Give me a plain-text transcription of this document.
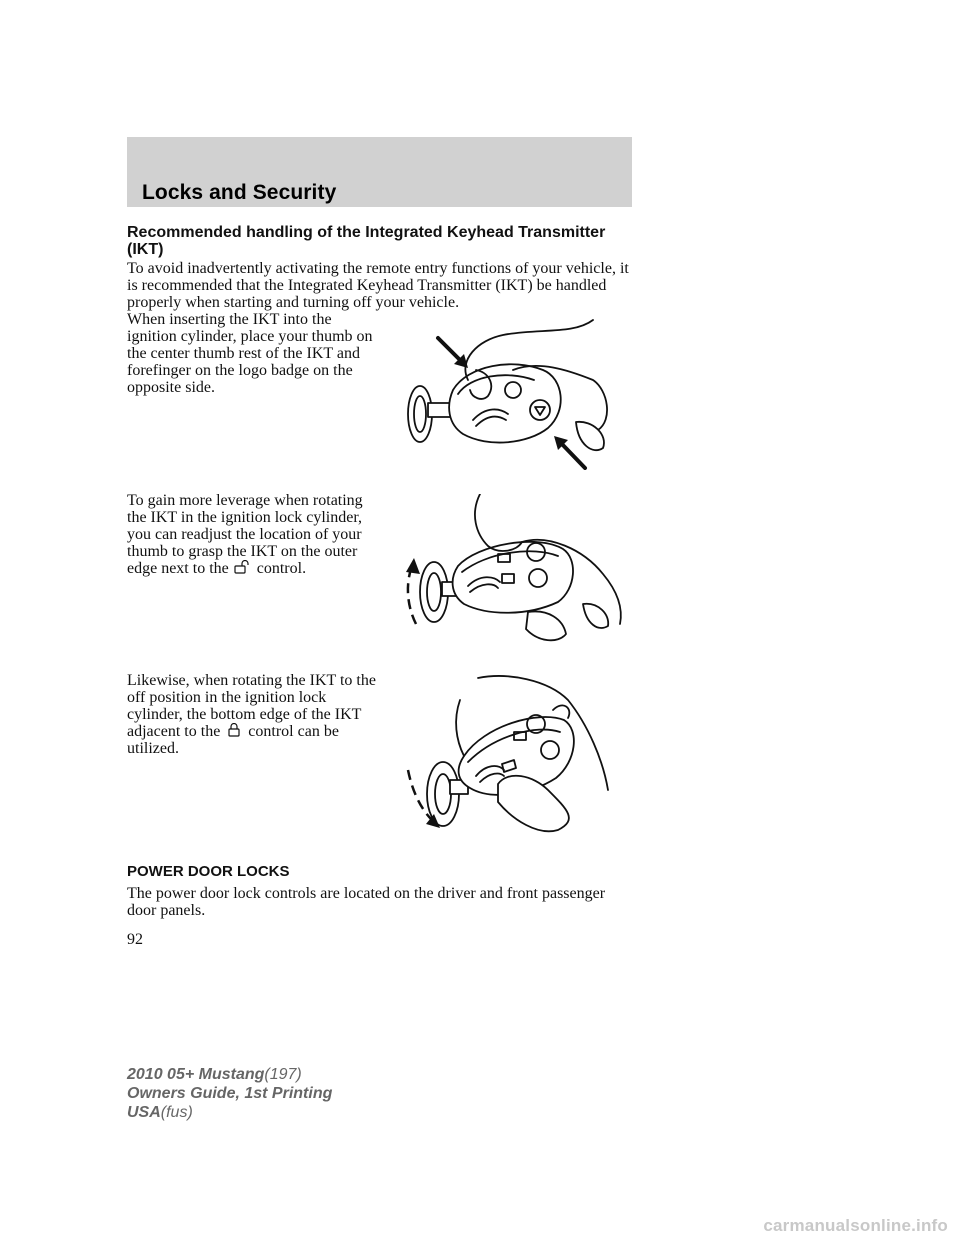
Locks and Security
Recommended handling of the Integrated Keyhead Transmitter (IKT)
To avoid inadvertently activating the remote entry functions of your vehicle, it is recommended that the Integrated Keyhead Transmitter (IKT) be handled properly when starting and turning off your vehicle.
When inserting the IKT into the ignition cylinder, place your thumb on the center thumb rest of the IKT and forefinger on the logo badge on the opposite side.
To gain more leverage when rotating the IKT in the ignition lock cylinder, you can readjust the location of your thumb to grasp the IKT on the outer edge next to the control.
Likewise, when rotating the IKT to the off position in the ignition lock cylinder, the bottom edge of the IKT adjacent to the control can be utilized.
POWER DOOR LOCKS
The power door lock controls are located on the driver and front passenger door panels.
92
2010 05+ Mustang(197)
Owners Guide, 1st Printing
USA(fus)
carmanualsonline.info
